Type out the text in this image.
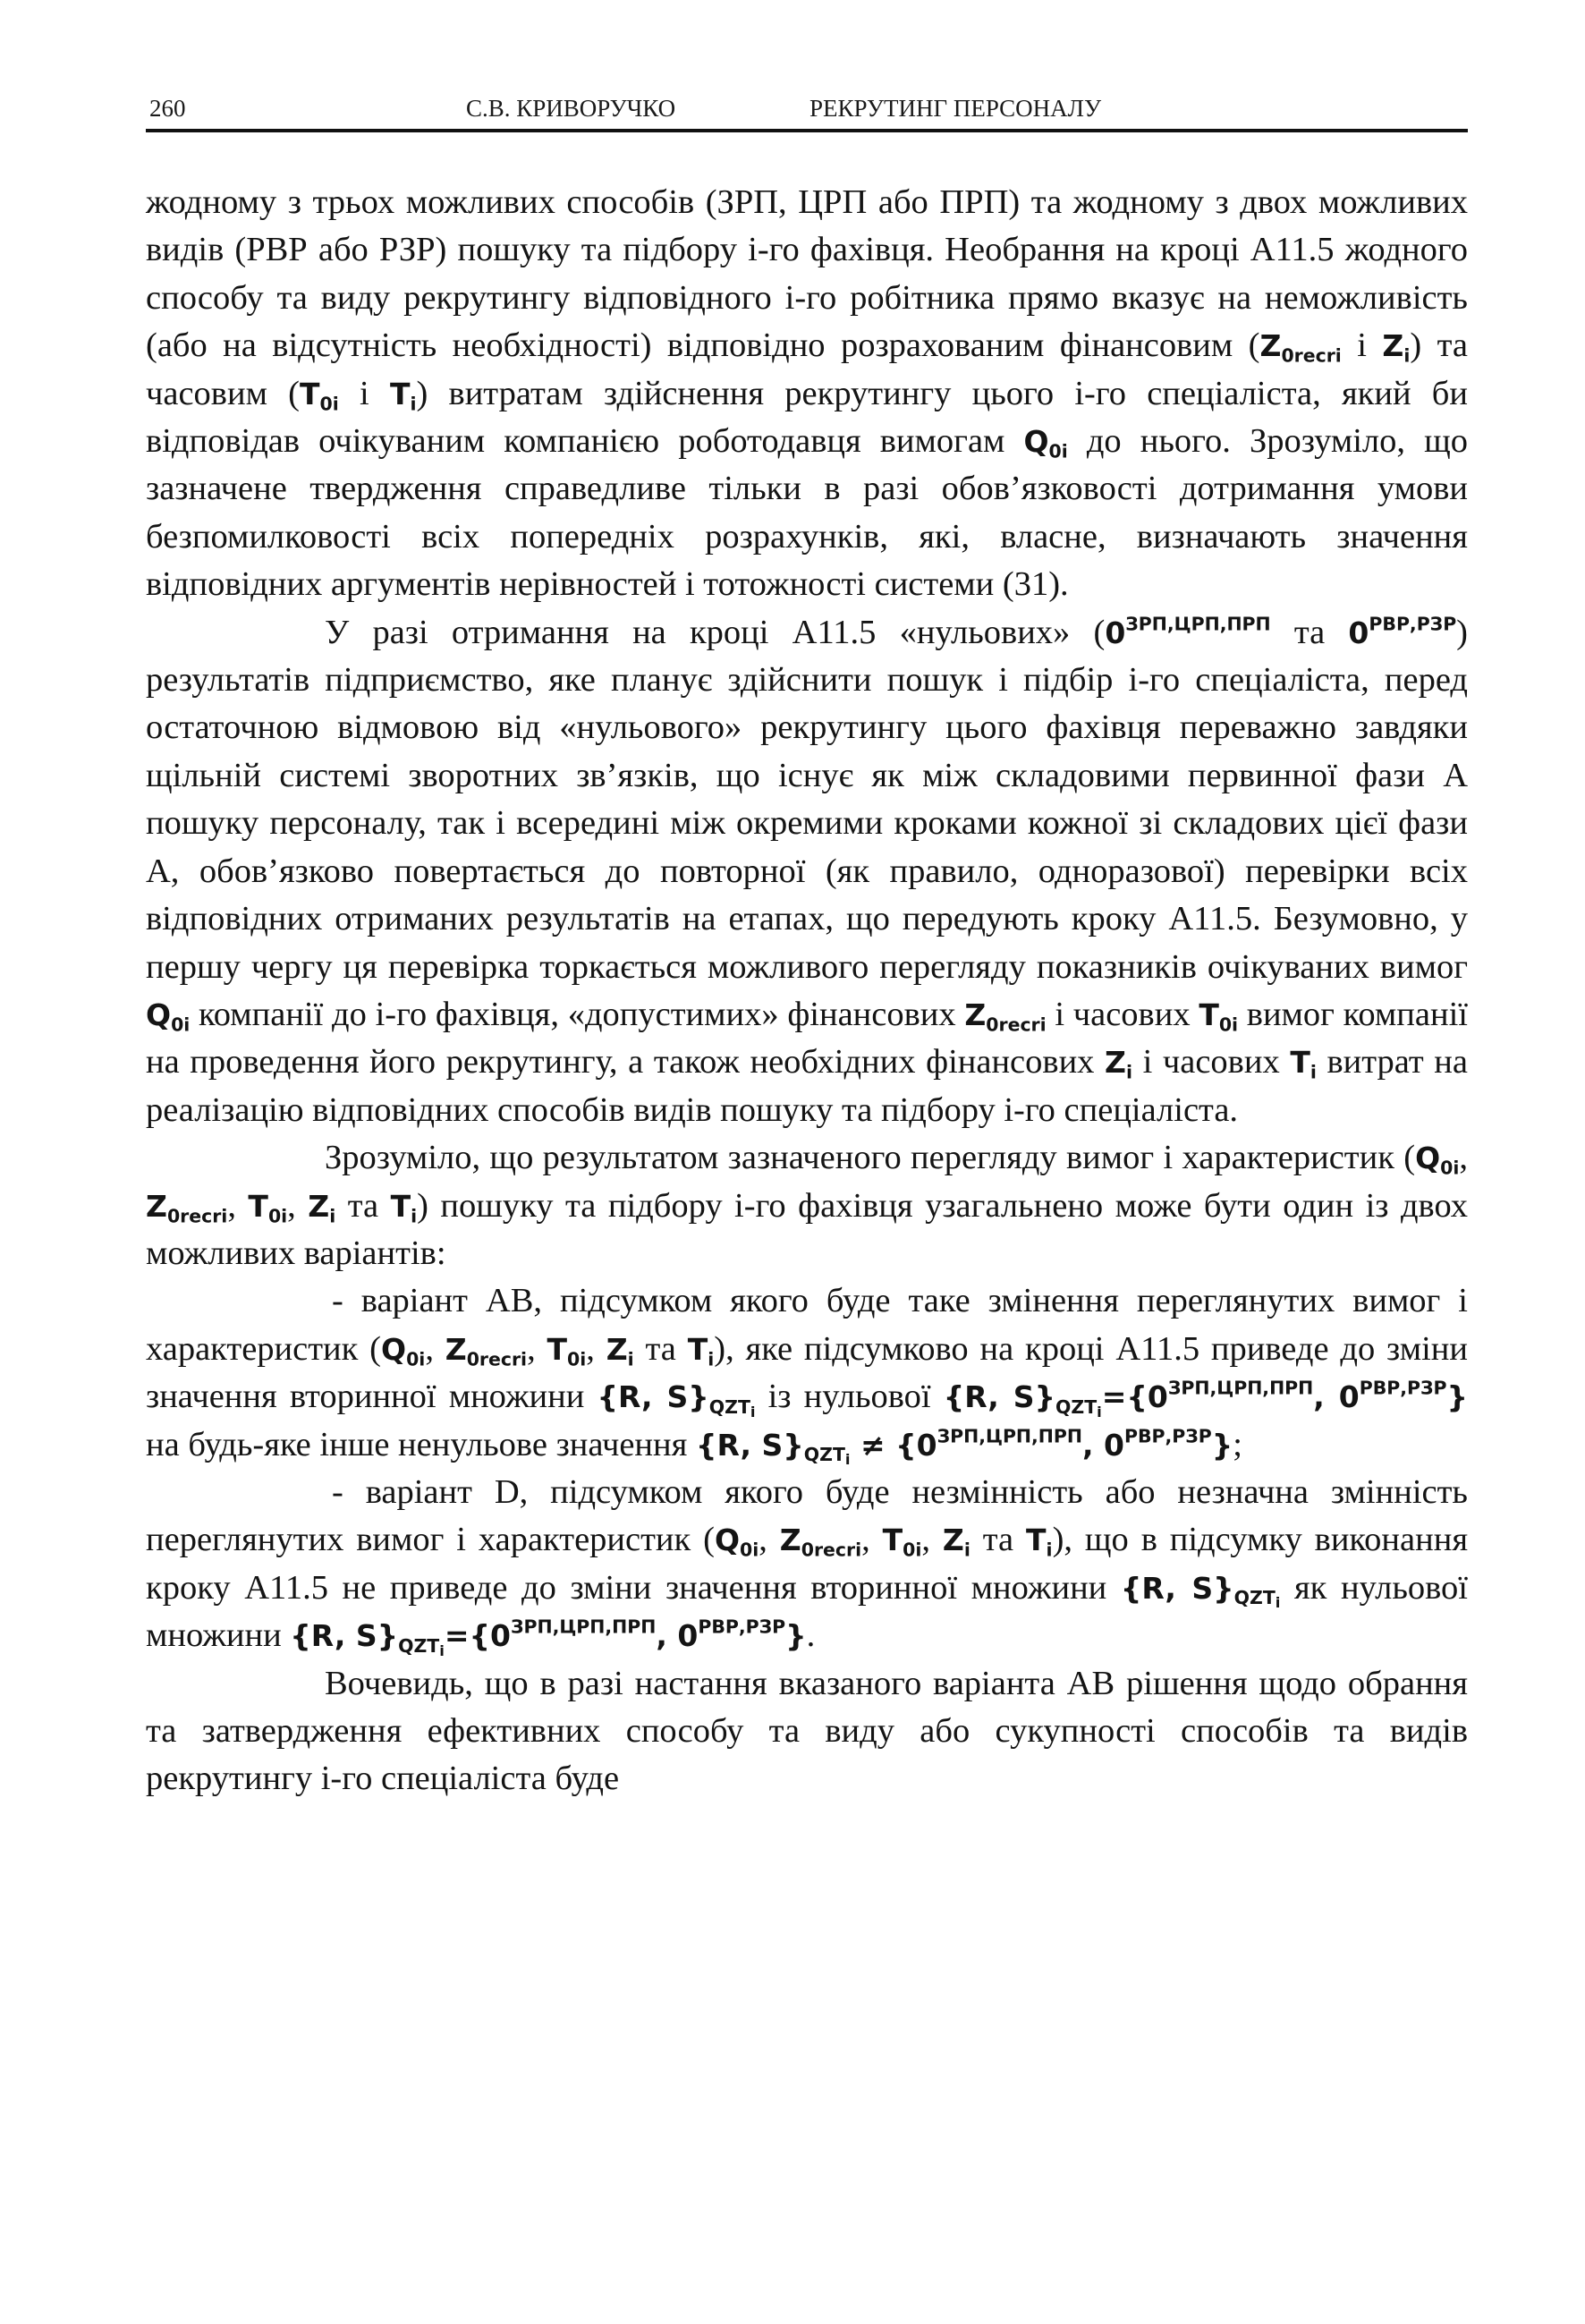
260	С.В. КРИВОРУЧКО	РЕКРУТИНГ ПЕРСОНАЛУ

жодному з трьох можливих способів (ЗРП, ЦРП або ПРП) та жодному з двох можливих видів (РВР або РЗР) пошуку та підбору i-го фахівця. Необрання на кроці А11.5 жодного способу та виду рекрутингу відповідного i-го робітника прямо вказує на неможливість (або на відсутність необхідності) відповідно розрахованим фінансовим ($Z_{0recri}$ і $Z_i$) та часовим ($T_{0i}$ і $T_i$) витратам здійснення рекрутингу цього i-го спеціаліста, який би відповідав очікуваним компанією роботодавця вимогам $Q_{0i}$ до нього. Зрозуміло, що зазначене твердження справедливе тільки в разі обов’язковості дотримання умови безпомилковості всіх попередніх розрахунків, які, власне, визначають значення відповідних аргументів нерівностей і тотожності системи (31).

У разі отримання на кроці А11.5 «нульових» ($0^{ЗРП,ЦРП,ПРП}$ та $0^{РВР,РЗР}$) результатів підприємство, яке планує здійснити пошук і підбір i-го спеціаліста, перед остаточною відмовою від «нульового» рекрутингу цього фахівця переважно завдяки щільній системі зворотних зв’язків, що існує як між складовими первинної фази А пошуку персоналу, так і всередині між окремими кроками кожної зі складових цієї фази А, обов’язково повертається до повторної (як правило, одноразової) перевірки всіх відповідних отриманих результатів на етапах, що передують кроку А11.5. Безумовно, у першу чергу ця перевірка торкається можливого перегляду показників очікуваних вимог $Q_{0i}$ компанії до i-го фахівця, «допустимих» фінансових $Z_{0recri}$ і часових $T_{0i}$ вимог компанії на проведення його рекрутингу, а також необхідних фінансових $Z_i$ і часових $T_i$ витрат на реалізацію відповідних способів видів пошуку та підбору i-го спеціаліста.

Зрозуміло, що результатом зазначеного перегляду вимог і характеристик ($Q_{0i}$, $Z_{0recri}$, $T_{0i}$, $Z_i$ та $T_i$) пошуку та підбору i-го фахівця узагальнено може бути один із двох можливих варіантів:

- варіант АВ, підсумком якого буде таке змінення переглянутих вимог і характеристик ($Q_{0i}$, $Z_{0recri}$, $T_{0i}$, $Z_i$ та $T_i$), яке підсумково на кроці А11.5 приведе до зміни значення вторинної множини {R, $S\}_{QZT_i}$ із нульової {R, $S\}_{QZT_i}=\{0^{ЗРП,ЦРП,ПРП}$, $0^{РВР,РЗР}$} на будь-яке інше ненульове значення {R, $S\}_{QZT_i} \ne \{0^{ЗРП,ЦРП,ПРП}$, $0^{РВР,РЗР}$};

- варіант D, підсумком якого буде незмінність або незначна змінність переглянутих вимог і характеристик ($Q_{0i}$, $Z_{0recri}$, $T_{0i}$, $Z_i$ та $T_i$), що в підсумку виконання кроку А11.5 не приведе до зміни значення вторинної множини {R, $S\}_{QZT_i}$ як нульової множини {R, $S\}_{QZT_i}=\{0^{ЗРП,ЦРП,ПРП}$, $0^{РВР,РЗР}$}.

Вочевидь, що в разі настання вказаного варіанта АВ рішення щодо обрання та затвердження ефективних способу та виду або сукупності способів та видів рекрутингу i-го спеціаліста буде
